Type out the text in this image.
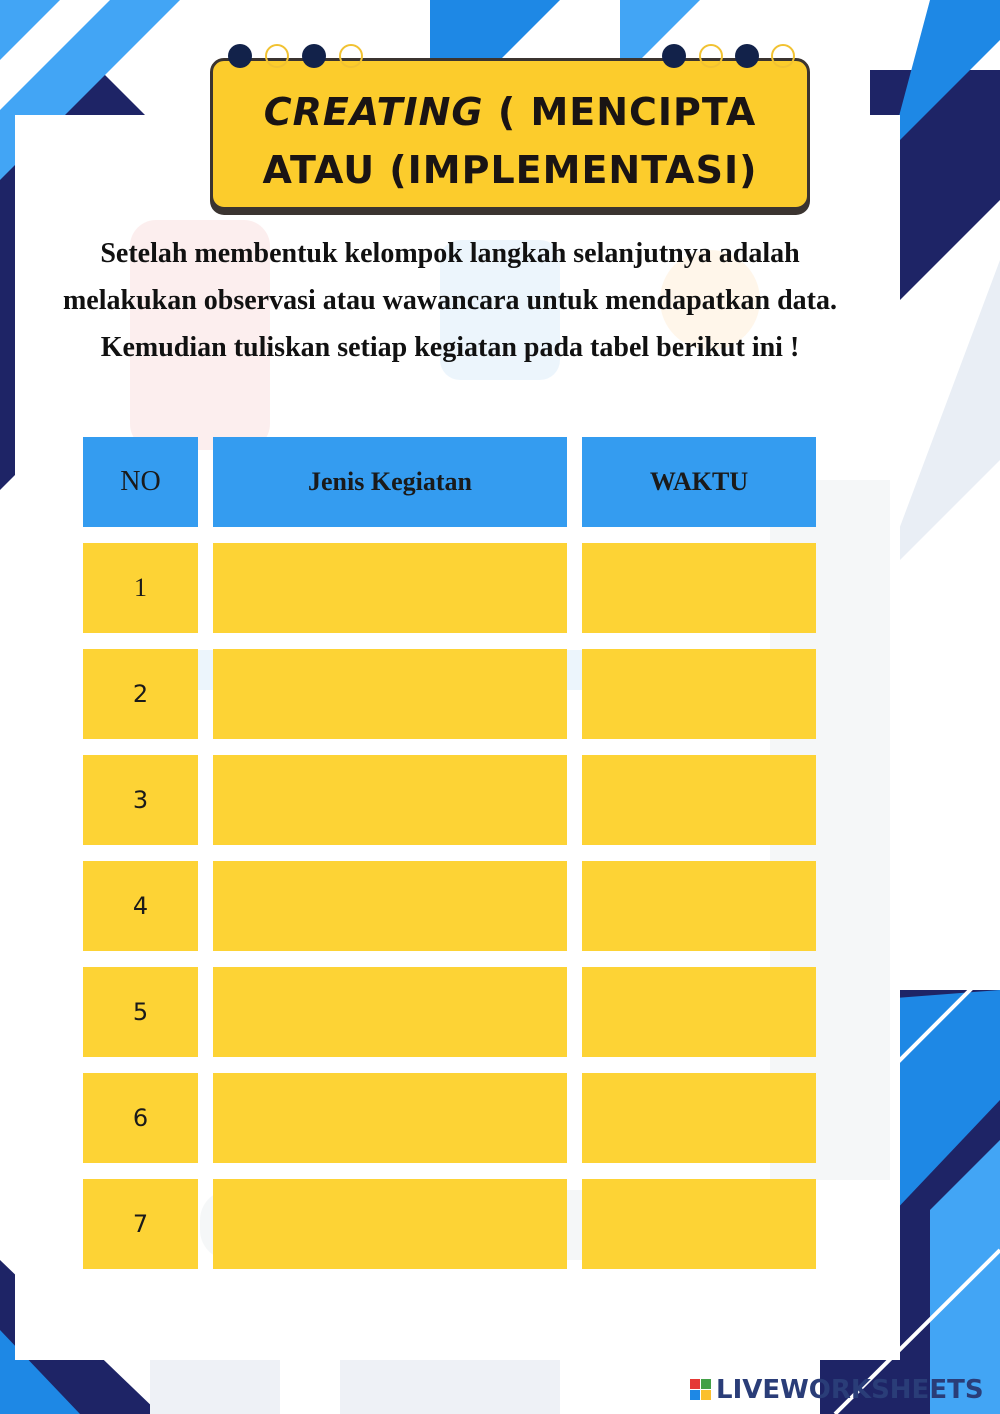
CREATING ( MENCIPTA
ATAU (IMPLEMENTASI)
Setelah membentuk kelompok langkah selanjutnya adalah melakukan observasi atau wawancara untuk mendapatkan data. Kemudian tuliskan setiap kegiatan pada tabel berikut ini !
NO	Jenis Kegiatan	WAKTU
1
2
3
4
5
6
7
LIVEWORKSHEETS
